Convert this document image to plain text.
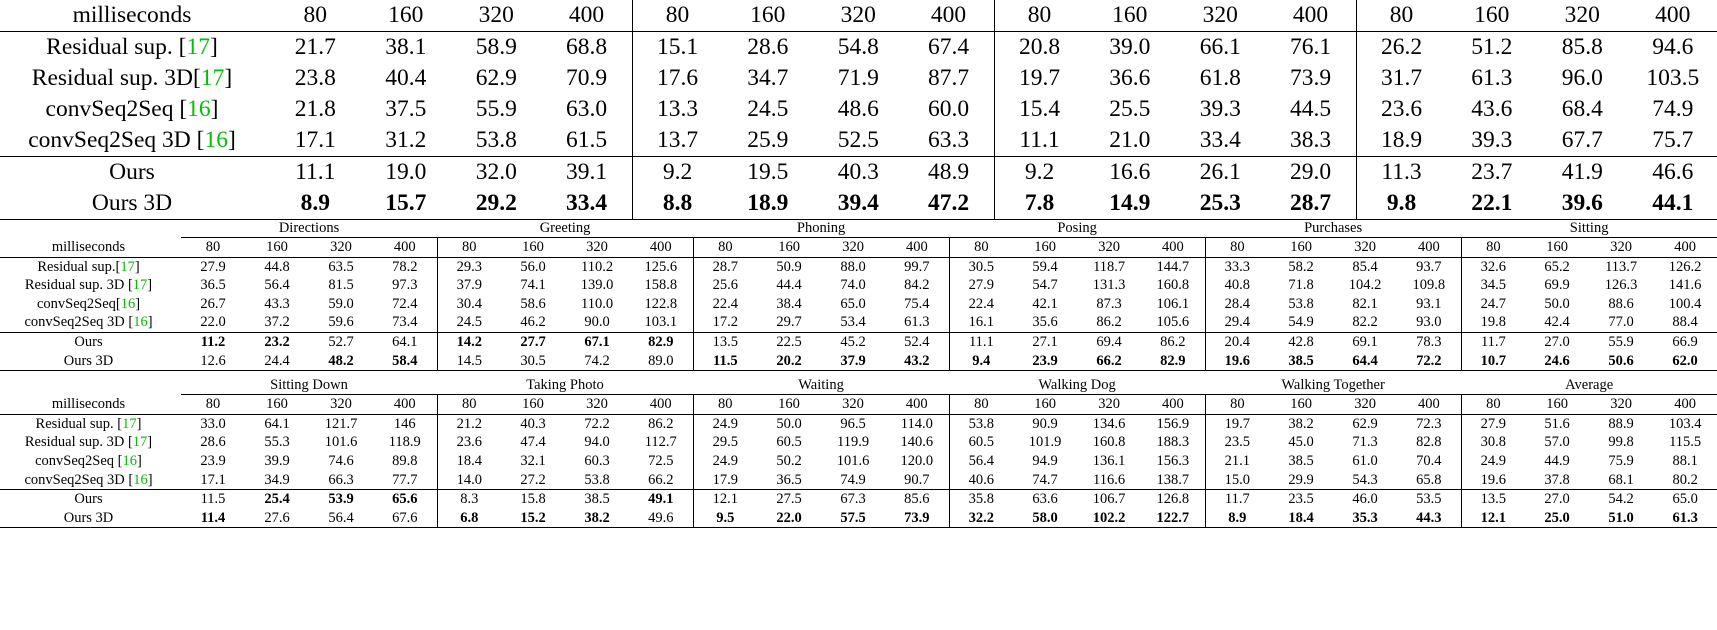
milliseconds	80	160	320	400	80	160	320	400	80	160	320	400	80	160	320	400
Residual sup. [17]	21.7	38.1	58.9	68.8	15.1	28.6	54.8	67.4	20.8	39.0	66.1	76.1	26.2	51.2	85.8	94.6
Residual sup. 3D[17]	23.8	40.4	62.9	70.9	17.6	34.7	71.9	87.7	19.7	36.6	61.8	73.9	31.7	61.3	96.0	103.5
convSeq2Seq [16]	21.8	37.5	55.9	63.0	13.3	24.5	48.6	60.0	15.4	25.5	39.3	44.5	23.6	43.6	68.4	74.9
convSeq2Seq 3D [16]	17.1	31.2	53.8	61.5	13.7	25.9	52.5	63.3	11.1	21.0	33.4	38.3	18.9	39.3	67.7	75.7
Ours	11.1	19.0	32.0	39.1	9.2	19.5	40.3	48.9	9.2	16.6	26.1	29.0	11.3	23.7	41.9	46.6
Ours 3D	8.9	15.7	29.2	33.4	8.8	18.9	39.4	47.2	7.8	14.9	25.3	28.7	9.8	22.1	39.6	44.1
	Directions				Greeting				Phoning				Posing				Purchases				Sitting			
milliseconds	80	160	320	400	80	160	320	400	80	160	320	400	80	160	320	400	80	160	320	400	80	160	320	400
Residual sup.[17]	27.9	44.8	63.5	78.2	29.3	56.0	110.2	125.6	28.7	50.9	88.0	99.7	30.5	59.4	118.7	144.7	33.3	58.2	85.4	93.7	32.6	65.2	113.7	126.2
Residual sup. 3D [17]	36.5	56.4	81.5	97.3	37.9	74.1	139.0	158.8	25.6	44.4	74.0	84.2	27.9	54.7	131.3	160.8	40.8	71.8	104.2	109.8	34.5	69.9	126.3	141.6
convSeq2Seq[16]	26.7	43.3	59.0	72.4	30.4	58.6	110.0	122.8	22.4	38.4	65.0	75.4	22.4	42.1	87.3	106.1	28.4	53.8	82.1	93.1	24.7	50.0	88.6	100.4
convSeq2Seq 3D [16]	22.0	37.2	59.6	73.4	24.5	46.2	90.0	103.1	17.2	29.7	53.4	61.3	16.1	35.6	86.2	105.6	29.4	54.9	82.2	93.0	19.8	42.4	77.0	88.4
Ours	11.2	23.2	52.7	64.1	14.2	27.7	67.1	82.9	13.5	22.5	45.2	52.4	11.1	27.1	69.4	86.2	20.4	42.8	69.1	78.3	11.7	27.0	55.9	66.9
Ours 3D	12.6	24.4	48.2	58.4	14.5	30.5	74.2	89.0	11.5	20.2	37.9	43.2	9.4	23.9	66.2	82.9	19.6	38.5	64.4	72.2	10.7	24.6	50.6	62.0
	Sitting Down				Taking Photo				Waiting				Walking Dog				Walking Together				Average			
milliseconds	80	160	320	400	80	160	320	400	80	160	320	400	80	160	320	400	80	160	320	400	80	160	320	400
Residual sup. [17]	33.0	64.1	121.7	146	21.2	40.3	72.2	86.2	24.9	50.0	96.5	114.0	53.8	90.9	134.6	156.9	19.7	38.2	62.9	72.3	27.9	51.6	88.9	103.4
Residual sup. 3D [17]	28.6	55.3	101.6	118.9	23.6	47.4	94.0	112.7	29.5	60.5	119.9	140.6	60.5	101.9	160.8	188.3	23.5	45.0	71.3	82.8	30.8	57.0	99.8	115.5
convSeq2Seq [16]	23.9	39.9	74.6	89.8	18.4	32.1	60.3	72.5	24.9	50.2	101.6	120.0	56.4	94.9	136.1	156.3	21.1	38.5	61.0	70.4	24.9	44.9	75.9	88.1
convSeq2Seq 3D [16]	17.1	34.9	66.3	77.7	14.0	27.2	53.8	66.2	17.9	36.5	74.9	90.7	40.6	74.7	116.6	138.7	15.0	29.9	54.3	65.8	19.6	37.8	68.1	80.2
Ours	11.5	25.4	53.9	65.6	8.3	15.8	38.5	49.1	12.1	27.5	67.3	85.6	35.8	63.6	106.7	126.8	11.7	23.5	46.0	53.5	13.5	27.0	54.2	65.0
Ours 3D	11.4	27.6	56.4	67.6	6.8	15.2	38.2	49.6	9.5	22.0	57.5	73.9	32.2	58.0	102.2	122.7	8.9	18.4	35.3	44.3	12.1	25.0	51.0	61.3
